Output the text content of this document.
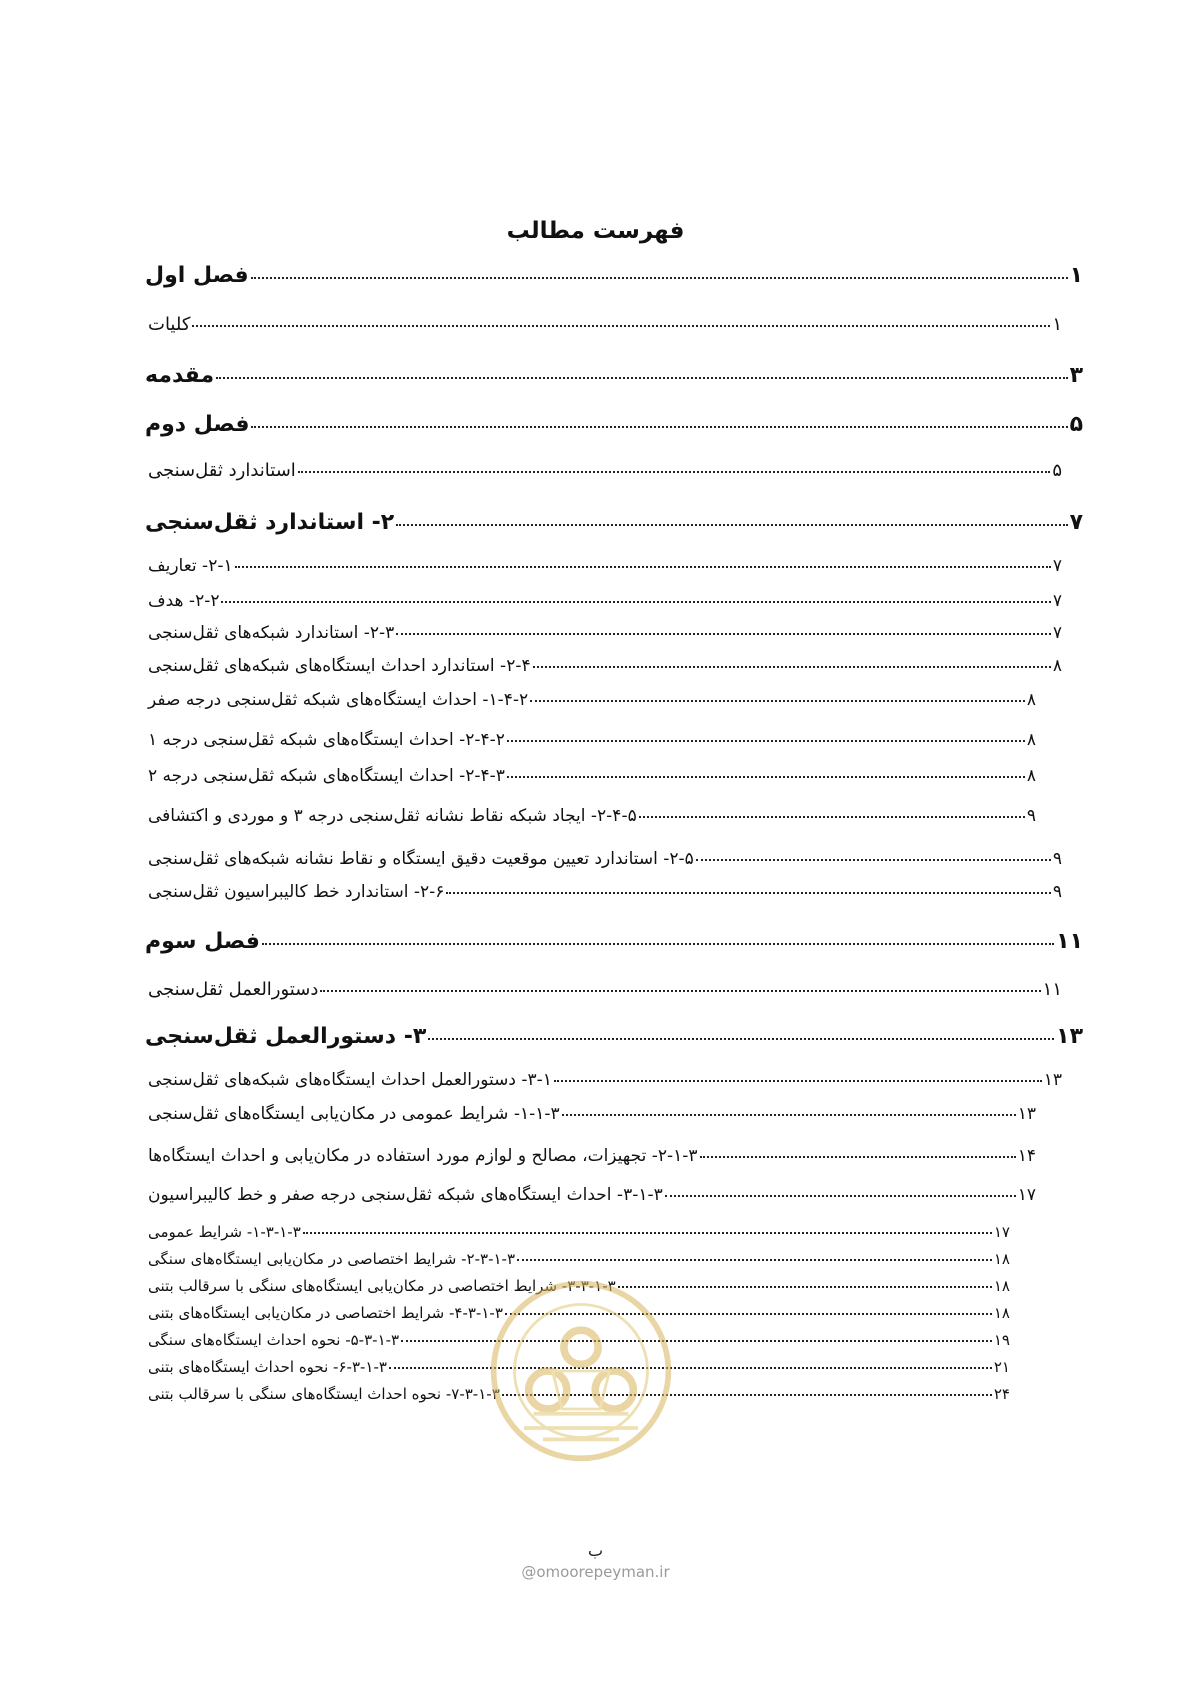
فهرست مطالب
فصل اول	۱
کلیات	۱
مقدمه	۳
فصل دوم	۵
استاندارد ثقل‌سنجی	۵
۲- استاندارد ثقل‌سنجی	۷
۲-۱- تعاریف	۷
۲-۲- هدف	۷
۲-۳- استاندارد شبکه‌های ثقل‌سنجی	۷
۲-۴- استاندارد احداث ایستگاه‌های شبکه‌های ثقل‌سنجی	۸
۱-۴-۲- احداث ایستگاه‌های شبکه ثقل‌سنجی درجه صفر	۸
۲-۴-۲- احداث ایستگاه‌های شبکه ثقل‌سنجی درجه ۱	۸
۲-۴-۳- احداث ایستگاه‌های شبکه ثقل‌سنجی درجه ۲	۸
۲-۴-۵- ایجاد شبکه نقاط نشانه ثقل‌سنجی درجه ۳ و موردی و اکتشافی	۹
۲-۵- استاندارد تعیین موقعیت دقیق ایستگاه و نقاط نشانه شبکه‌های ثقل‌سنجی	۹
۲-۶- استاندارد خط کالیبراسیون ثقل‌سنجی	۹
فصل سوم	۱۱
دستورالعمل ثقل‌سنجی	۱۱
۳- دستورالعمل ثقل‌سنجی	۱۳
۳-۱- دستورالعمل احداث ایستگاه‌های شبکه‌های ثقل‌سنجی	۱۳
۱-۱-۳- شرایط عمومی در مکان‌یابی ایستگاه‌های ثقل‌سنجی	۱۳
۲-۱-۳- تجهیزات، مصالح و لوازم مورد استفاده در مکان‌یابی و احداث ایستگاه‌ها	۱۴
۳-۱-۳- احداث ایستگاه‌های شبکه ثقل‌سنجی درجه صفر و خط کالیبراسیون	۱۷
۱-۳-۱-۳- شرایط عمومی	۱۷
۲-۳-۱-۳- شرایط اختصاصی در مکان‌یابی ایستگاه‌های سنگی	۱۸
۳-۳-۱-۳- شرایط اختصاصی در مکان‌یابی ایستگاه‌های سنگی با سرقالب بتنی	۱۸
۴-۳-۱-۳- شرایط اختصاصی در مکان‌یابی ایستگاه‌های بتنی	۱۸
۵-۳-۱-۳- نحوه احداث ایستگاه‌های سنگی	۱۹
۶-۳-۱-۳- نحوه احداث ایستگاه‌های بتنی	۲۱
۷-۳-۱-۳- نحوه احداث ایستگاه‌های سنگی با سرقالب بتنی	۲۴
ب
@omoorepeyman.ir
